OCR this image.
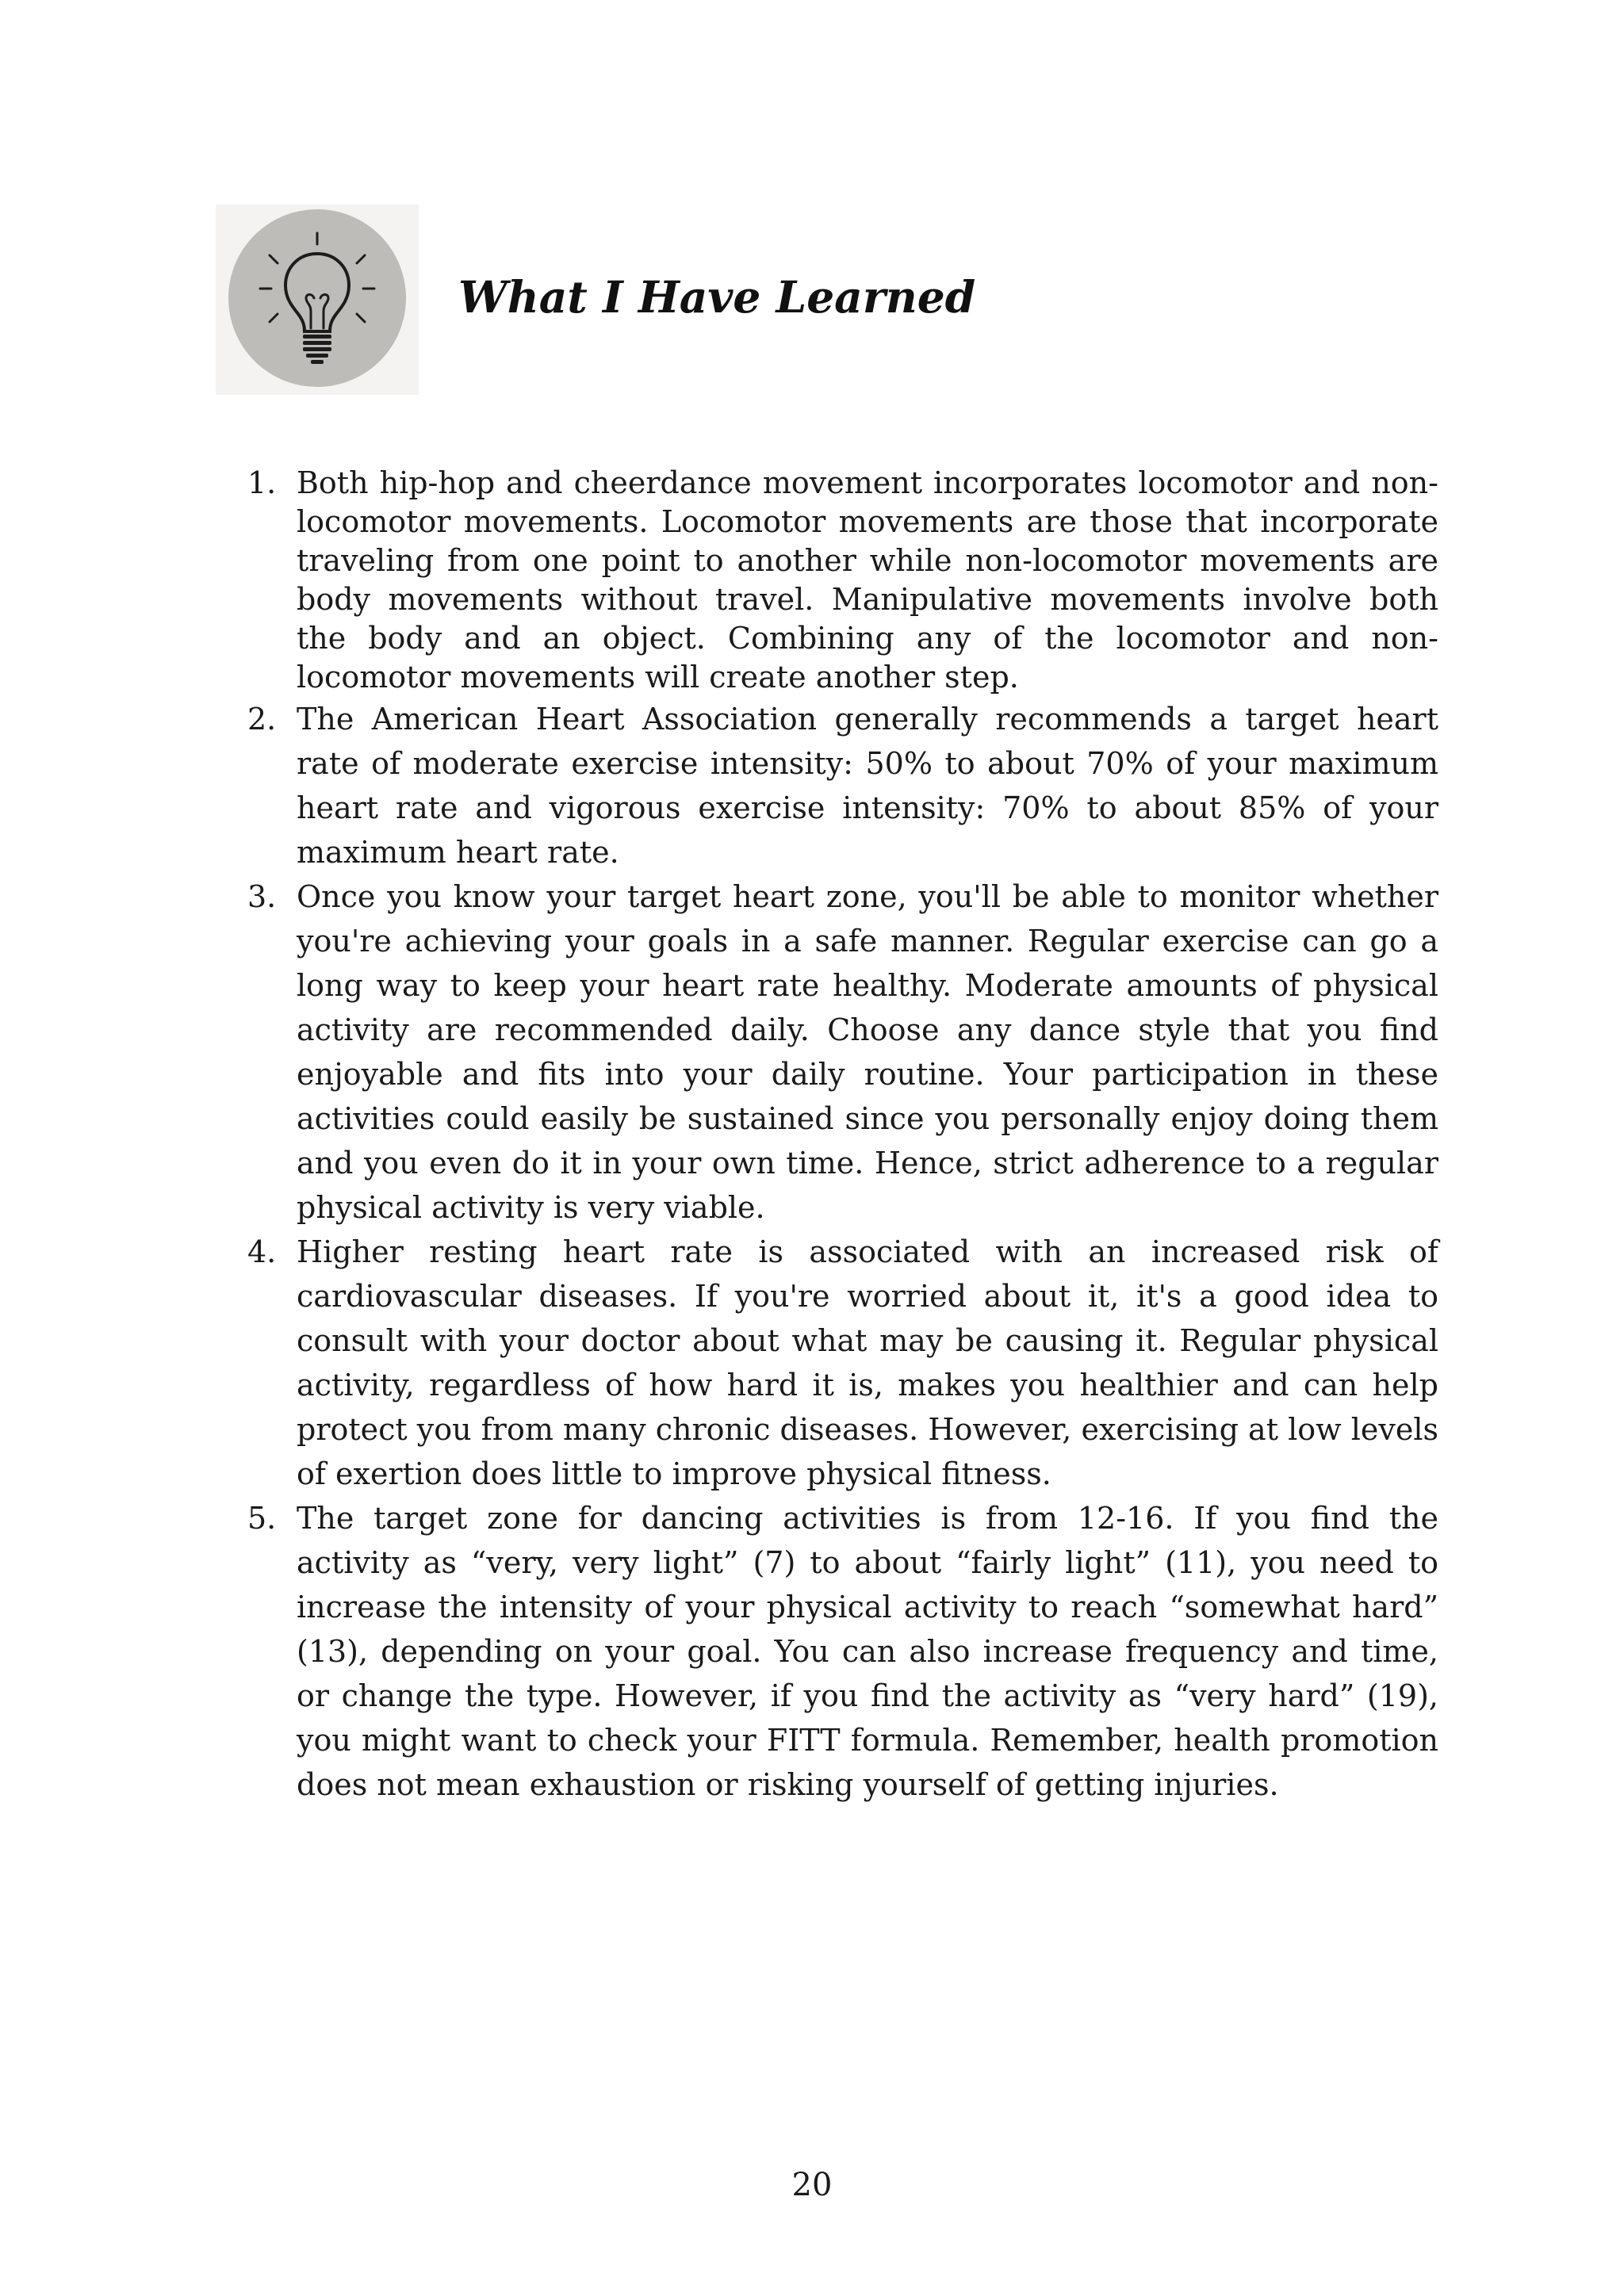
What I Have Learned
1. Both hip-hop and cheerdance movement incorporates locomotor and non-locomotor movements. Locomotor movements are those that incorporate traveling from one point to another while non-locomotor movements are body movements without travel. Manipulative movements involve both the body and an object. Combining any of the locomotor and non-locomotor movements will create another step.
2. The American Heart Association generally recommends a target heart rate of moderate exercise intensity: 50% to about 70% of your maximum heart rate and vigorous exercise intensity: 70% to about 85% of your maximum heart rate.
3. Once you know your target heart zone, you'll be able to monitor whether you're achieving your goals in a safe manner. Regular exercise can go a long way to keep your heart rate healthy. Moderate amounts of physical activity are recommended daily. Choose any dance style that you find enjoyable and fits into your daily routine. Your participation in these activities could easily be sustained since you personally enjoy doing them and you even do it in your own time. Hence, strict adherence to a regular physical activity is very viable.
4. Higher resting heart rate is associated with an increased risk of cardiovascular diseases. If you're worried about it, it's a good idea to consult with your doctor about what may be causing it. Regular physical activity, regardless of how hard it is, makes you healthier and can help protect you from many chronic diseases. However, exercising at low levels of exertion does little to improve physical fitness.
5. The target zone for dancing activities is from 12-16. If you find the activity as “very, very light” (7) to about “fairly light” (11), you need to increase the intensity of your physical activity to reach “somewhat hard” (13), depending on your goal. You can also increase frequency and time, or change the type. However, if you find the activity as “very hard” (19), you might want to check your FITT formula. Remember, health promotion does not mean exhaustion or risking yourself of getting injuries.
20
